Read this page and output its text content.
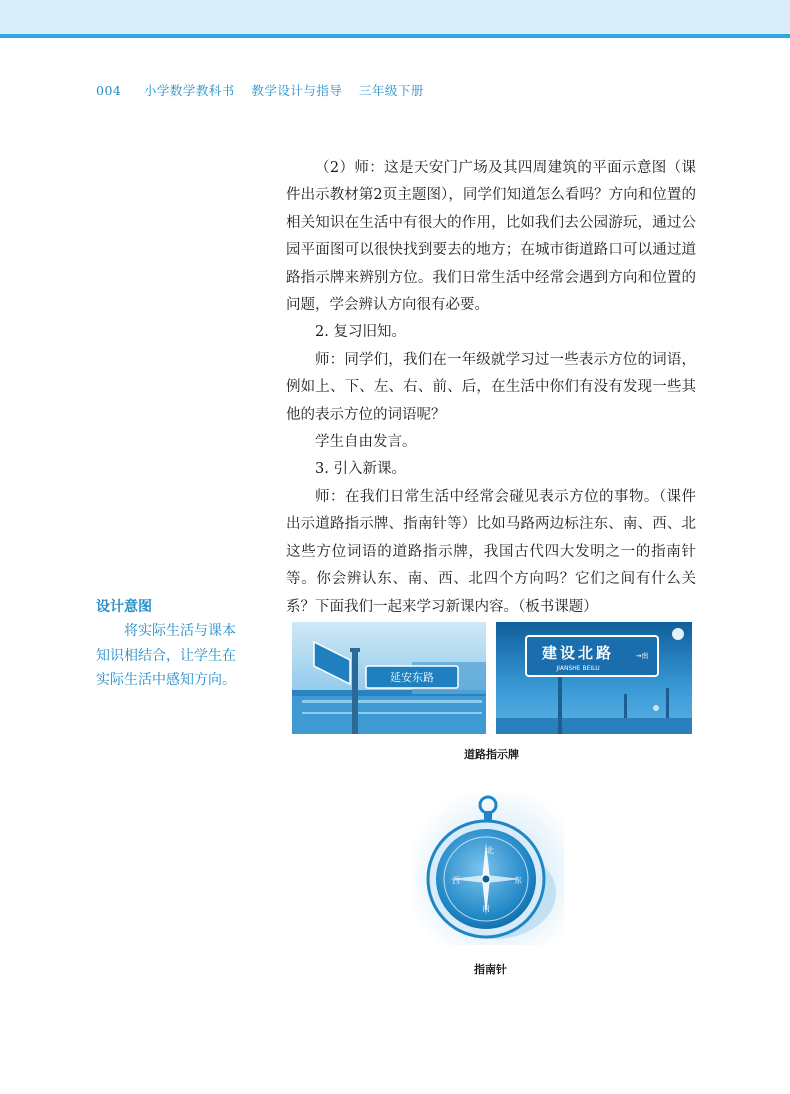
004 小学数学教科书 教学设计与指导 三年级下册

（2）师：这是天安门广场及其四周建筑的平面示意图（课件出示教材第2页主题图），同学们知道怎么看吗？方向和位置的相关知识在生活中有很大的作用，比如我们去公园游玩，通过公园平面图可以很快找到要去的地方；在城市街道路口可以通过道路指示牌来辨别方位。我们日常生活中经常会遇到方向和位置的问题，学会辨认方向很有必要。

2. 复习旧知。

师：同学们，我们在一年级就学习过一些表示方位的词语，例如上、下、左、右、前、后，在生活中你们有没有发现一些其他的表示方位的词语呢？

学生自由发言。

3. 引入新课。

师：在我们日常生活中经常会碰见表示方位的事物。（课件出示道路指示牌、指南针等）比如马路两边标注东、南、西、北这些方位词语的道路指示牌，我国古代四大发明之一的指南针等。你会辨认东、南、西、北四个方向吗？它们之间有什么关系？下面我们一起来学习新课内容。（板书课题）

设计意图
将实际生活与课本知识相结合，让学生在实际生活中感知方向。	延安东路
建设北路
JIANSHE BEILU
→南
道路指示牌
北
东
南
西
指南针
